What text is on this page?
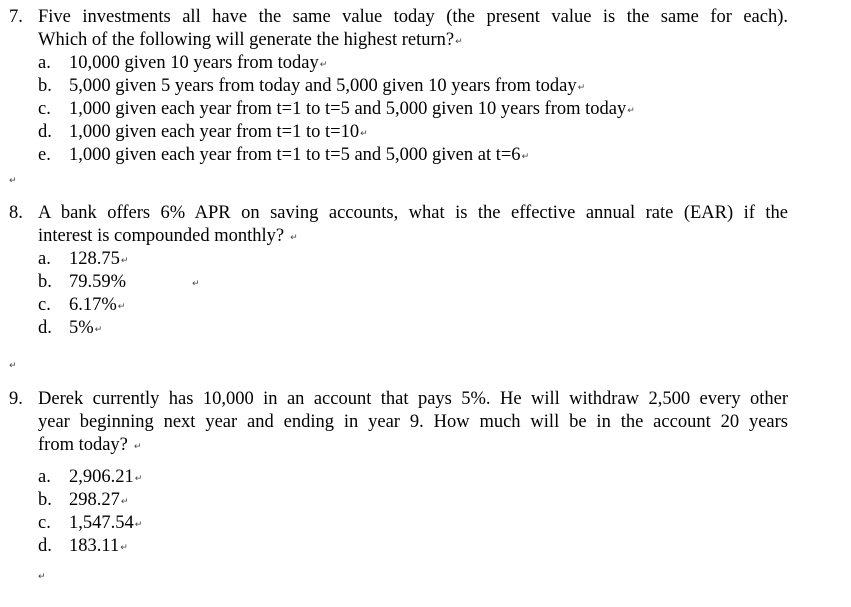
7. Five investments all have the same value today (the present value is the same for each).
Which of the following will generate the highest return?↵
a. 10,000 given 10 years from today↵
b. 5,000 given 5 years from today and 5,000 given 10 years from today↵
c. 1,000 given each year from t=1 to t=5 and 5,000 given 10 years from today↵
d. 1,000 given each year from t=1 to t=10↵
e. 1,000 given each year from t=1 to t=5 and 5,000 given at t=6↵
↵
8. A bank offers 6% APR on saving accounts, what is the effective annual rate (EAR) if the
interest is compounded monthly? ↵
a. 128.75↵
b. 79.59%
c. 6.17%↵
d. 5%↵
↵
↵
9. Derek currently has 10,000 in an account that pays 5%. He will withdraw 2,500 every other
year beginning next year and ending in year 9. How much will be in the account 20 years
from today? ↵
a. 2,906.21↵
b. 298.27↵
c. 1,547.54↵
d. 183.11↵
↵
